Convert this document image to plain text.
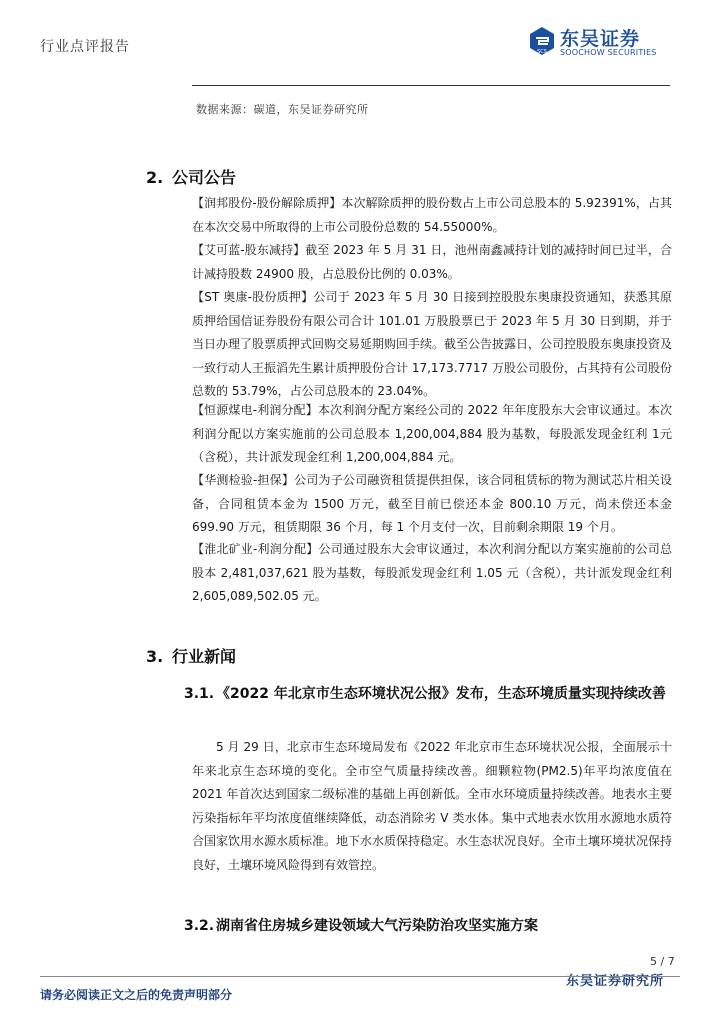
行业点评报告	SCS
东吴证券
SOOCHOW SECURITIES
数据来源：碳道，东吴证券研究所
2. 公司公告

【润邦股份-股份解除质押】本次解除质押的股份数占上市公司总股本的 5.92391%，占其在本次交易中所取得的上市公司股份总数的 54.55000%。

【艾可蓝-股东减持】截至 2023 年 5 月 31 日，池州南鑫减持计划的减持时间已过半，合计减持股数 24900 股，占总股份比例的 0.03%。

【ST 奥康-股份质押】公司于 2023 年 5 月 30 日接到控股股东奥康投资通知，获悉其原质押给国信证券股份有限公司合计 101.01 万股股票已于 2023 年 5 月 30 日到期，并于当日办理了股票质押式回购交易延期购回手续。截至公告披露日，公司控股股东奥康投资及一致行动人王振滔先生累计质押股份合计 17,173.7717 万股公司股份，占其持有公司股份总数的 53.79%，占公司总股本的 23.04%。

【恒源煤电-利润分配】本次利润分配方案经公司的 2022 年年度股东大会审议通过。本次利润分配以方案实施前的公司总股本 1,200,004,884 股为基数，每股派发现金红利 1元（含税），共计派发现金红利 1,200,004,884 元。

【华测检验-担保】公司为子公司融资租赁提供担保，该合同租赁标的物为测试芯片相关设备，合同租赁本金为 1500 万元，截至目前已偿还本金 800.10 万元，尚未偿还本金 699.90 万元，租赁期限 36 个月，每 1 个月支付一次，目前剩余期限 19 个月。

【淮北矿业-利润分配】公司通过股东大会审议通过，本次利润分配以方案实施前的公司总股本 2,481,037,621 股为基数，每股派发现金红利 1.05 元（含税），共计派发现金红利 2,605,089,502.05 元。

3. 行业新闻
3.1. 《2022 年北京市生态环境状况公报》发布，生态环境质量实现持续改善

5 月 29 日，北京市生态环境局发布《2022 年北京市生态环境状况公报，全面展示十年来北京生态环境的变化。全市空气质量持续改善。细颗粒物(PM2.5)年平均浓度值在 2021 年首次达到国家二级标准的基础上再创新低。全市水环境质量持续改善。地表水主要污染指标年平均浓度值继续降低，动态消除劣 V 类水体。集中式地表水饮用水源地水质符合国家饮用水源水质标准。地下水水质保持稳定。水生态状况良好。全市土壤环境状况保持良好，土壤环境风险得到有效管控。

3.2. 湖南省住房城乡建设领域大气污染防治攻坚实施方案
5 / 7
东吴证券研究所
请务必阅读正文之后的免责声明部分
